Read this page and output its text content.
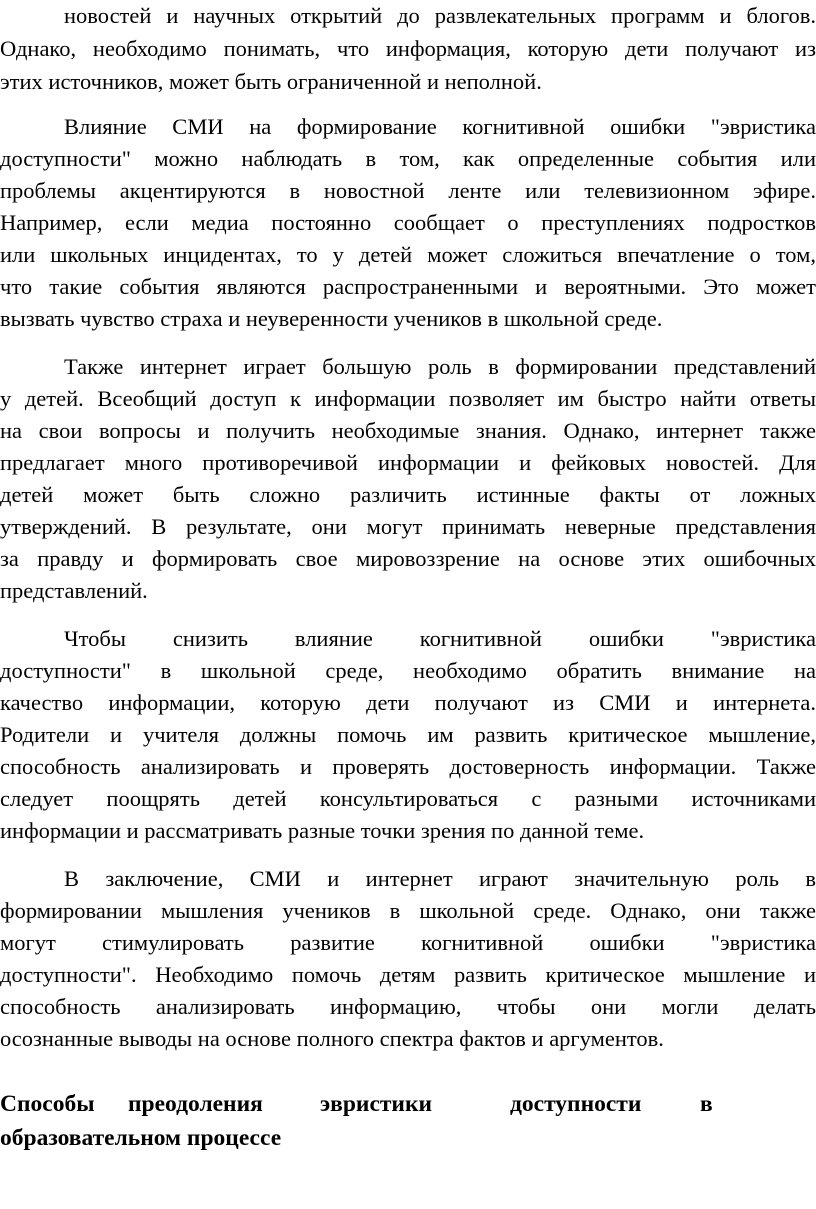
новостей и научных открытий до развлекательных программ и блогов.
Однако, необходимо понимать, что информация, которую дети получают из
этих источников, может быть ограниченной и неполной.
Влияние СМИ на формирование когнитивной ошибки "эвристика
доступности" можно наблюдать в том, как определенные события или
проблемы акцентируются в новостной ленте или телевизионном эфире.
Например, если медиа постоянно сообщает о преступлениях подростков
или школьных инцидентах, то у детей может сложиться впечатление о том,
что такие события являются распространенными и вероятными. Это может
вызвать чувство страха и неуверенности учеников в школьной среде.
Также интернет играет большую роль в формировании представлений
у детей. Всеобщий доступ к информации позволяет им быстро найти ответы
на свои вопросы и получить необходимые знания. Однако, интернет также
предлагает много противоречивой информации и фейковых новостей. Для
детей может быть сложно различить истинные факты от ложных
утверждений. В результате, они могут принимать неверные представления
за правду и формировать свое мировоззрение на основе этих ошибочных
представлений.
Чтобы снизить влияние когнитивной ошибки "эвристика
доступности" в школьной среде, необходимо обратить внимание на
качество информации, которую дети получают из СМИ и интернета.
Родители и учителя должны помочь им развить критическое мышление,
способность анализировать и проверять достоверность информации. Также
следует поощрять детей консультироваться с разными источниками
информации и рассматривать разные точки зрения по данной теме.
В заключение, СМИ и интернет играют значительную роль в
формировании мышления учеников в школьной среде. Однако, они также
могут стимулировать развитие когнитивной ошибки "эвристика
доступности". Необходимо помочь детям развить критическое мышление и
способность анализировать информацию, чтобы они могли делать
осознанные выводы на основе полного спектра фактов и аргументов.
Способы преодоления эвристики	доступности в
образовательном процессе
